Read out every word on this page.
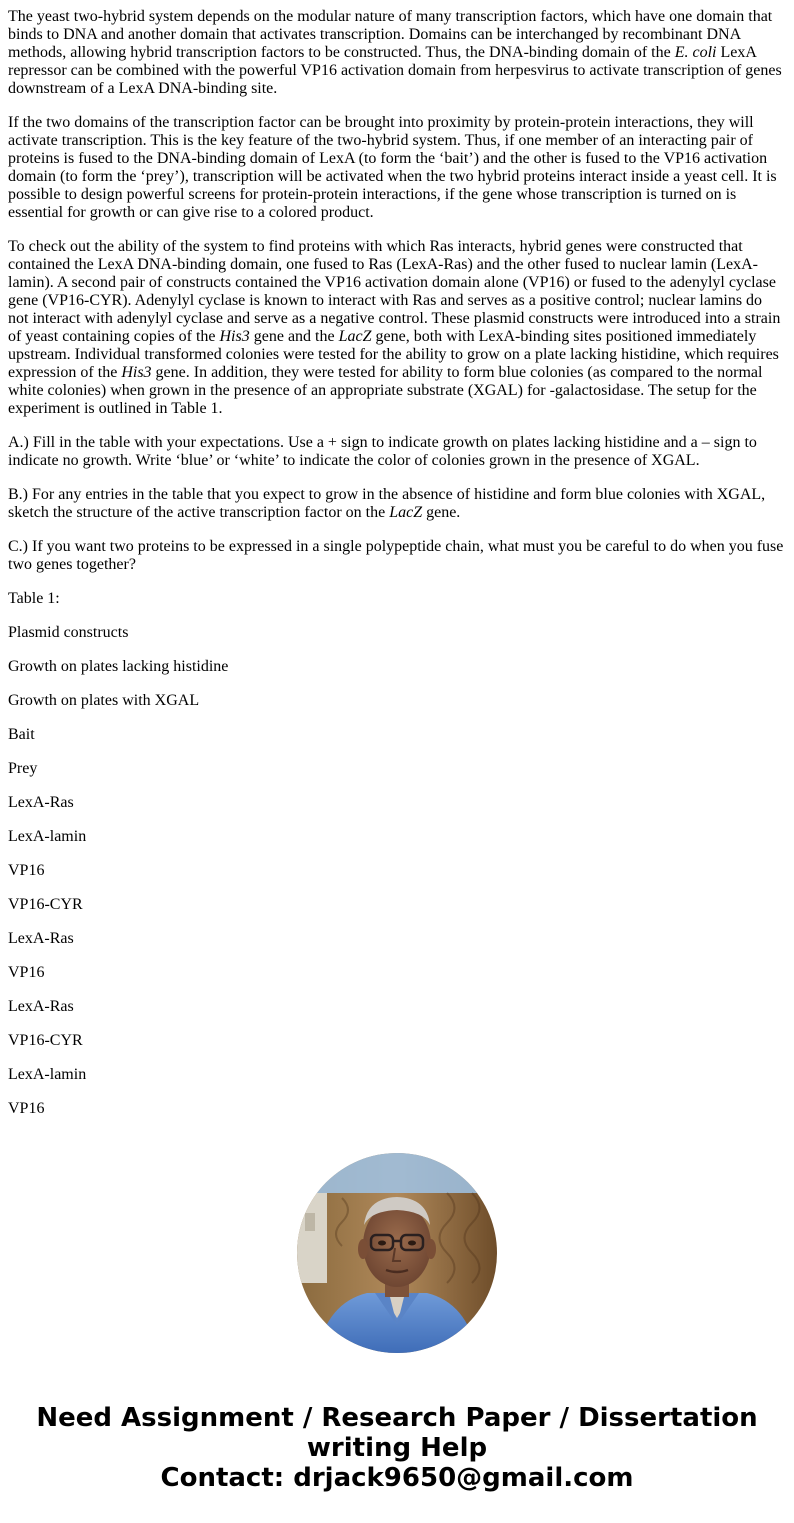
The yeast two-hybrid system depends on the modular nature of many transcription factors, which have one domain that binds to DNA and another domain that activates transcription. Domains can be interchanged by recombinant DNA methods, allowing hybrid transcription factors to be constructed. Thus, the DNA-binding domain of the E. coli LexA repressor can be combined with the powerful VP16 activation domain from herpesvirus to activate transcription of genes downstream of a LexA DNA-binding site.

If the two domains of the transcription factor can be brought into proximity by protein-protein interactions, they will activate transcription. This is the key feature of the two-hybrid system. Thus, if one member of an interacting pair of proteins is fused to the DNA-binding domain of LexA (to form the ‘bait’) and the other is fused to the VP16 activation domain (to form the ‘prey’), transcription will be activated when the two hybrid proteins interact inside a yeast cell. It is possible to design powerful screens for protein-protein interactions, if the gene whose transcription is turned on is essential for growth or can give rise to a colored product.

To check out the ability of the system to find proteins with which Ras interacts, hybrid genes were constructed that contained the LexA DNA-binding domain, one fused to Ras (LexA-Ras) and the other fused to nuclear lamin (LexA-lamin). A second pair of constructs contained the VP16 activation domain alone (VP16) or fused to the adenylyl cyclase gene (VP16-CYR). Adenylyl cyclase is known to interact with Ras and serves as a positive control; nuclear lamins do not interact with adenylyl cyclase and serve as a negative control. These plasmid constructs were introduced into a strain of yeast containing copies of the His3 gene and the LacZ gene, both with LexA-binding sites positioned immediately upstream. Individual transformed colonies were tested for the ability to grow on a plate lacking histidine, which requires expression of the His3 gene. In addition, they were tested for ability to form blue colonies (as compared to the normal white colonies) when grown in the presence of an appropriate substrate (XGAL) for -galactosidase. The setup for the experiment is outlined in Table 1.

A.) Fill in the table with your expectations. Use a + sign to indicate growth on plates lacking histidine and a – sign to indicate no growth. Write ‘blue’ or ‘white’ to indicate the color of colonies grown in the presence of XGAL.

B.) For any entries in the table that you expect to grow in the absence of histidine and form blue colonies with XGAL, sketch the structure of the active transcription factor on the LacZ gene.

C.) If you want two proteins to be expressed in a single polypeptide chain, what must you be careful to do when you fuse two genes together?

Table 1:

Plasmid constructs

Growth on plates lacking histidine

Growth on plates with XGAL

Bait

Prey

LexA-Ras

LexA-lamin

VP16

VP16-CYR

LexA-Ras

VP16

LexA-Ras

VP16-CYR

LexA-lamin

VP16

Need Assignment / Research Paper / Dissertation
writing Help
Contact: drjack9650@gmail.com
